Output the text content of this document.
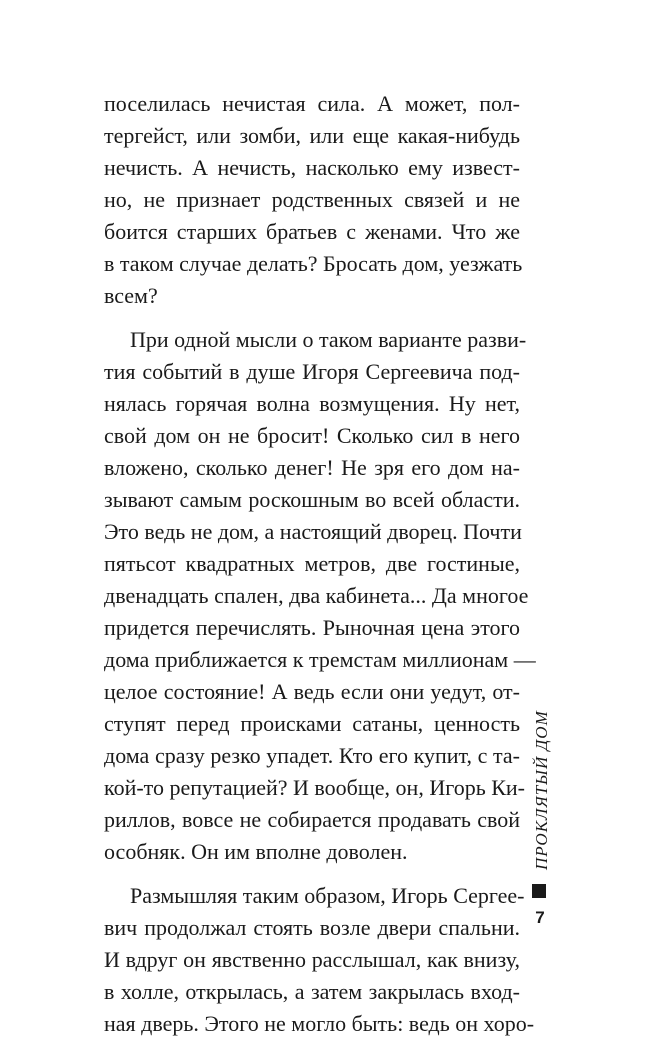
поселилась нечистая сила. А может, пол-
тергейст, или зомби, или еще какая-нибудь
нечисть. А нечисть, насколько ему извест-
но, не признает родственных связей и не
боится старших братьев с женами. Что же
в таком случае делать? Бросать дом, уезжать
всем?

При одной мысли о таком варианте разви-
тия событий в душе Игоря Сергеевича под-
нялась горячая волна возмущения. Ну нет,
свой дом он не бросит! Сколько сил в него
вложено, сколько денег! Не зря его дом на-
зывают самым роскошным во всей области.
Это ведь не дом, а настоящий дворец. Почти
пятьсот квадратных метров, две гостиные,
двенадцать спален, два кабинета... Да многое
придется перечислять. Рыночная цена этого
дома приближается к тремстам миллионам —
целое состояние! А ведь если они уедут, от-
ступят перед происками сатаны, ценность
дома сразу резко упадет. Кто его купит, с та-
кой-то репутацией? И вообще, он, Игорь Ки-
риллов, вовсе не собирается продавать свой
особняк. Он им вполне доволен.

Размышляя таким образом, Игорь Сергее-
вич продолжал стоять возле двери спальни.
И вдруг он явственно расслышал, как внизу,
в холле, открылась, а затем закрылась вход-
ная дверь. Этого не могло быть: ведь он хоро-

ПРОКЛЯТЫЙ ДОМ
7
